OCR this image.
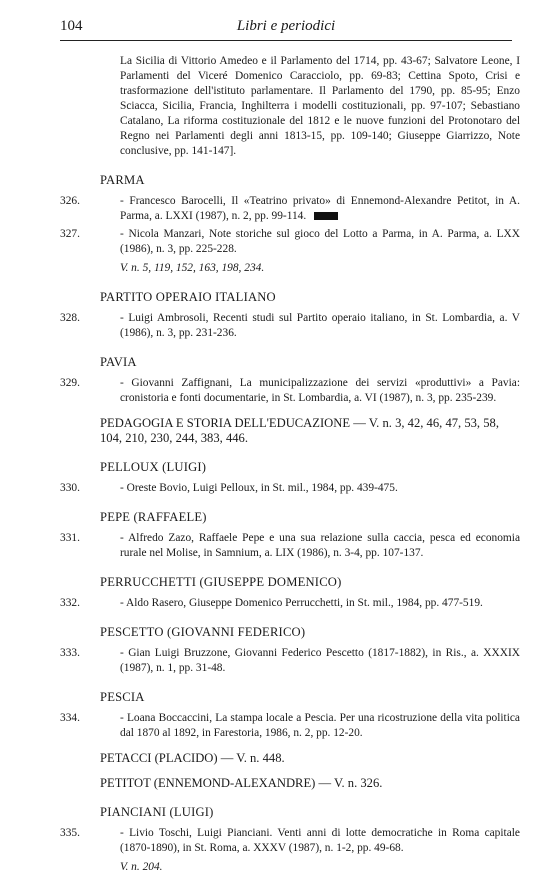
104	Libri e periodici
La Sicilia di Vittorio Amedeo e il Parlamento del 1714, pp. 43-67; Salvatore Leone, I Parlamenti del Viceré Domenico Caracciolo, pp. 69-83; Cettina Spoto, Crisi e trasformazione dell'istituto parlamentare. Il Parlamento del 1790, pp. 85-95; Enzo Sciacca, Sicilia, Francia, Inghilterra i modelli costituzionali, pp. 97-107; Sebastiano Catalano, La riforma costituzionale del 1812 e le nuove funzioni del Protonotaro del Regno nei Parlamenti degli anni 1813-15, pp. 109-140; Giuseppe Giarrizzo, Note conclusive, pp. 141-147].
PARMA
326.	- Francesco Barocelli, Il «Teatrino privato» di Ennemond-Alexandre Petitot, in A. Parma, a. LXXI (1987), n. 2, pp. 99-114.
327.	- Nicola Manzari, Note storiche sul gioco del Lotto a Parma, in A. Parma, a. LXX (1986), n. 3, pp. 225-228.
V. n. 5, 119, 152, 163, 198, 234.
PARTITO OPERAIO ITALIANO
328.	- Luigi Ambrosoli, Recenti studi sul Partito operaio italiano, in St. Lombardia, a. V (1986), n. 3, pp. 231-236.
PAVIA
329.	- Giovanni Zaffignani, La municipalizzazione dei servizi «produttivi» a Pavia: cronistoria e fonti documentarie, in St. Lombardia, a. VI (1987), n. 3, pp. 235-239.
PEDAGOGIA E STORIA DELL'EDUCAZIONE — V. n. 3, 42, 46, 47, 53, 58, 104, 210, 230, 244, 383, 446.
PELLOUX (LUIGI)
330.	- Oreste Bovio, Luigi Pelloux, in St. mil., 1984, pp. 439-475.
PEPE (RAFFAELE)
331.	- Alfredo Zazo, Raffaele Pepe e una sua relazione sulla caccia, pesca ed economia rurale nel Molise, in Samnium, a. LIX (1986), n. 3-4, pp. 107-137.
PERRUCCHETTI (GIUSEPPE DOMENICO)
332.	- Aldo Rasero, Giuseppe Domenico Perrucchetti, in St. mil., 1984, pp. 477-519.
PESCETTO (GIOVANNI FEDERICO)
333.	- Gian Luigi Bruzzone, Giovanni Federico Pescetto (1817-1882), in Ris., a. XXXIX (1987), n. 1, pp. 31-48.
PESCIA
334.	- Loana Boccaccini, La stampa locale a Pescia. Per una ricostruzione della vita politica dal 1870 al 1892, in Farestoria, 1986, n. 2, pp. 12-20.
PETACCI (PLACIDO) — V. n. 448.
PETITOT (ENNEMOND-ALEXANDRE) — V. n. 326.
PIANCIANI (LUIGI)
335.	- Livio Toschi, Luigi Pianciani. Venti anni di lotte democratiche in Roma capitale (1870-1890), in St. Roma, a. XXXV (1987), n. 1-2, pp. 49-68.
V. n. 204.
